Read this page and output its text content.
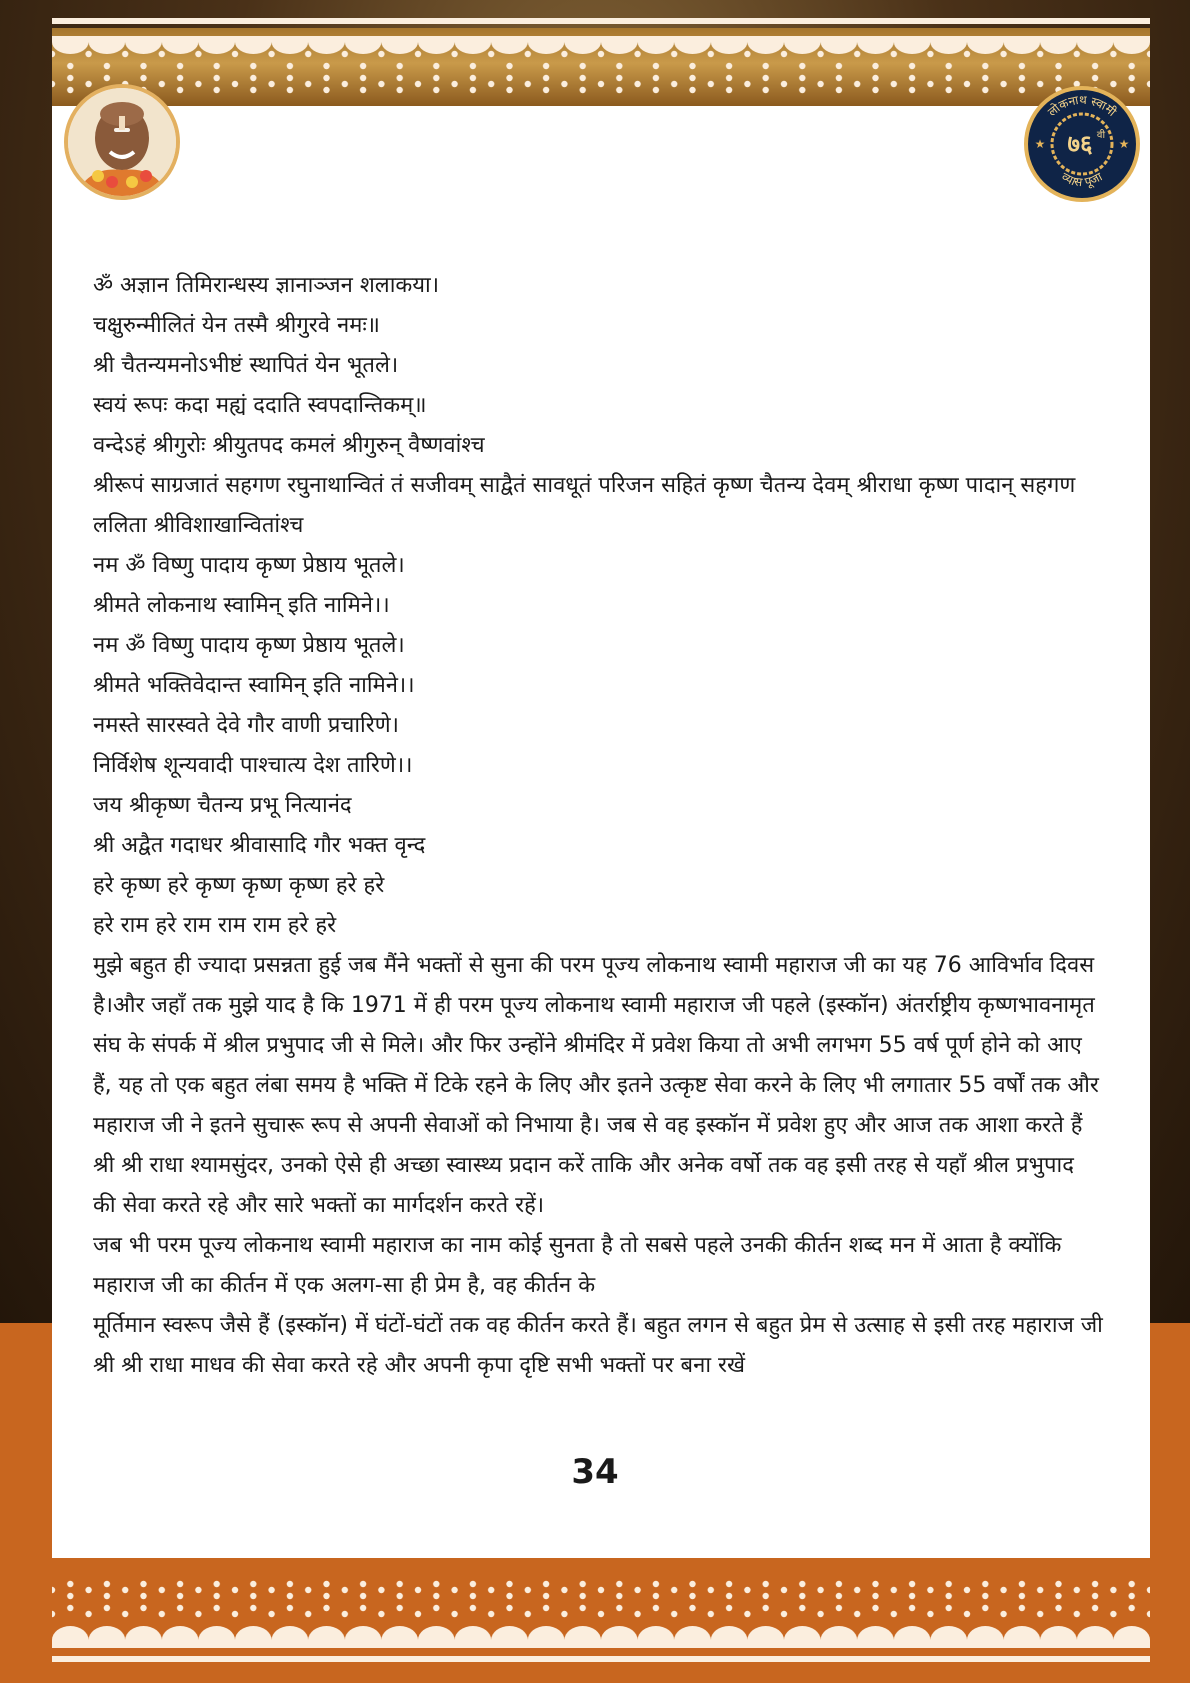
लोकनाथ स्वामी
७६ वी
★	★
व्यास पूजा

ॐ अज्ञान तिमिरान्धस्य ज्ञानाञ्जन शलाकया।

चक्षुरुन्मीलितं येन तस्मै श्रीगुरवे नमः॥

श्री चैतन्यमनोऽभीष्टं स्थापितं येन भूतले।

स्वयं रूपः कदा मह्यं ददाति स्वपदान्तिकम्॥

वन्देऽहं श्रीगुरोः श्रीयुतपद कमलं श्रीगुरुन् वैष्णवांश्च

श्रीरूपं साग्रजातं सहगण रघुनाथान्वितं तं सजीवम् साद्वैतं सावधूतं परिजन सहितं कृष्ण चैतन्य देवम् श्रीराधा कृष्ण पादान् सहगण ललिता श्रीविशाखान्वितांश्च

नम ॐ विष्णु पादाय कृष्ण प्रेष्ठाय भूतले।

श्रीमते लोकनाथ स्वामिन् इति नामिने।।

नम ॐ विष्णु पादाय कृष्ण प्रेष्ठाय भूतले।

श्रीमते भक्तिवेदान्त स्वामिन् इति नामिने।।

नमस्ते सारस्वते देवे गौर वाणी प्रचारिणे।

निर्विशेष शून्यवादी पाश्चात्य देश तारिणे।।

जय श्रीकृष्ण चैतन्य प्रभू नित्यानंद

श्री अद्वैत गदाधर श्रीवासादि गौर भक्त वृन्द

हरे कृष्ण हरे कृष्ण कृष्ण कृष्ण हरे हरे

हरे राम हरे राम राम राम हरे हरे

मुझे बहुत ही ज्यादा प्रसन्नता हुई जब मैंने भक्तों से सुना की परम पूज्य लोकनाथ स्वामी महाराज जी का यह 76 आविर्भाव दिवस है।और जहाँ तक मुझे याद है कि 1971 में ही परम पूज्य लोकनाथ स्वामी महाराज जी पहले (इस्कॉन) अंतर्राष्ट्रीय कृष्णभावनामृत संघ के संपर्क में श्रील प्रभुपाद जी से मिले। और फिर उन्होंने श्रीमंदिर में प्रवेश किया तो अभी लगभग 55 वर्ष पूर्ण होने को आए हैं, यह तो एक बहुत लंबा समय है भक्ति में टिके रहने के लिए और इतने उत्कृष्ट सेवा करने के लिए भी लगातार 55 वर्षों तक और महाराज जी ने इतने सुचारू रूप से अपनी सेवाओं को निभाया है। जब से वह इस्कॉन में प्रवेश हुए और आज तक आशा करते हैं श्री श्री राधा श्यामसुंदर, उनको ऐसे ही अच्छा स्वास्थ्य प्रदान करें ताकि और अनेक वर्षो तक वह इसी तरह से यहाँ श्रील प्रभुपाद की सेवा करते रहे और सारे भक्तों का मार्गदर्शन करते रहें।

जब भी परम पूज्य लोकनाथ स्वामी महाराज का नाम कोई सुनता है तो सबसे पहले उनकी कीर्तन शब्द मन में आता है क्योंकि महाराज जी का कीर्तन में एक अलग-सा ही प्रेम है, वह कीर्तन के

मूर्तिमान स्वरूप जैसे हैं (इस्कॉन) में घंटों-घंटों तक वह कीर्तन करते हैं। बहुत लगन से बहुत प्रेम से उत्साह से इसी तरह महाराज जी श्री श्री राधा माधव की सेवा करते रहे और अपनी कृपा दृष्टि सभी भक्तों पर बना रखें

34
